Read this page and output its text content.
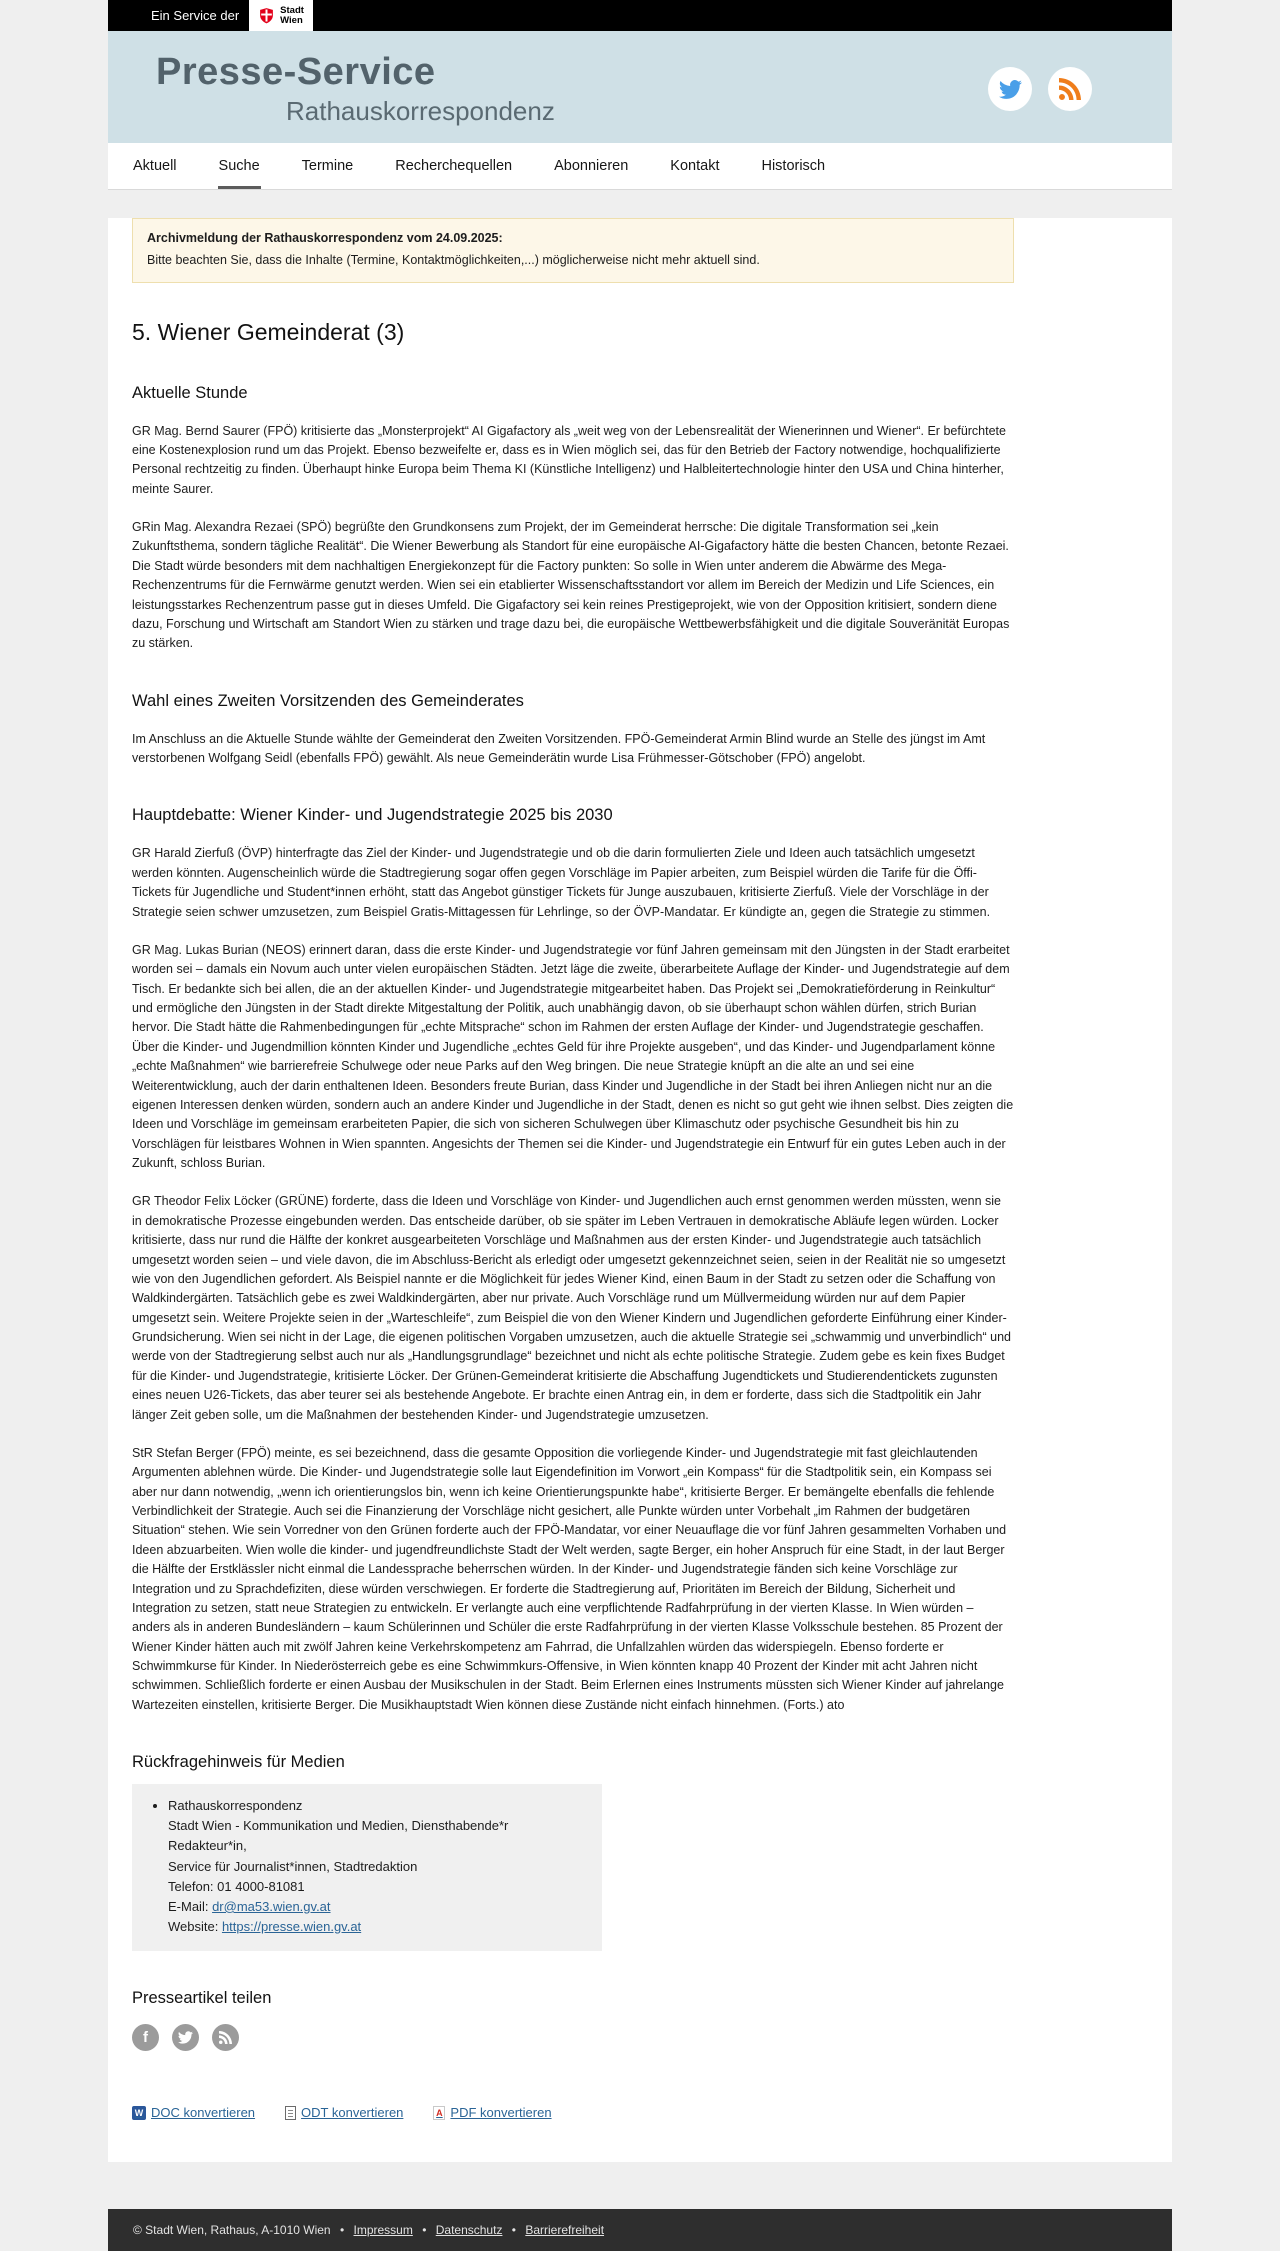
Ein Service der	Stadt
Wien
Presse-Service
Rathauskorrespondenz
Aktuell	Suche	Termine	Recherchequellen	Abonnieren	Kontakt	Historisch
Archivmeldung der Rathauskorrespondenz vom 24.09.2025:
Bitte beachten Sie, dass die Inhalte (Termine, Kontaktmöglichkeiten,...) möglicherweise nicht mehr aktuell sind.
5. Wiener Gemeinderat (3)
Aktuelle Stunde

GR Mag. Bernd Saurer (FPÖ) kritisierte das „Monsterprojekt“ AI Gigafactory als „weit weg von der Lebensrealität der Wienerinnen und Wiener“. Er befürchtete eine Kostenexplosion rund um das Projekt. Ebenso bezweifelte er, dass es in Wien möglich sei, das für den Betrieb der Factory notwendige, hochqualifizierte Personal rechtzeitig zu finden. Überhaupt hinke Europa beim Thema KI (Künstliche Intelligenz) und Halbleitertechnologie hinter den USA und China hinterher, meinte Saurer.

GRin Mag. Alexandra Rezaei (SPÖ) begrüßte den Grundkonsens zum Projekt, der im Gemeinderat herrsche: Die digitale Transformation sei „kein Zukunftsthema, sondern tägliche Realität“. Die Wiener Bewerbung als Standort für eine europäische AI-Gigafactory hätte die besten Chancen, betonte Rezaei. Die Stadt würde besonders mit dem nachhaltigen Energiekonzept für die Factory punkten: So solle in Wien unter anderem die Abwärme des Mega-Rechenzentrums für die Fernwärme genutzt werden. Wien sei ein etablierter Wissenschaftsstandort vor allem im Bereich der Medizin und Life Sciences, ein leistungsstarkes Rechenzentrum passe gut in dieses Umfeld. Die Gigafactory sei kein reines Prestigeprojekt, wie von der Opposition kritisiert, sondern diene dazu, Forschung und Wirtschaft am Standort Wien zu stärken und trage dazu bei, die europäische Wettbewerbsfähigkeit und die digitale Souveränität Europas zu stärken.

Wahl eines Zweiten Vorsitzenden des Gemeinderates

Im Anschluss an die Aktuelle Stunde wählte der Gemeinderat den Zweiten Vorsitzenden. FPÖ-Gemeinderat Armin Blind wurde an Stelle des jüngst im Amt verstorbenen Wolfgang Seidl (ebenfalls FPÖ) gewählt. Als neue Gemeinderätin wurde Lisa Frühmesser-Götschober (FPÖ) angelobt.

Hauptdebatte: Wiener Kinder- und Jugendstrategie 2025 bis 2030

GR Harald Zierfuß (ÖVP) hinterfragte das Ziel der Kinder- und Jugendstrategie und ob die darin formulierten Ziele und Ideen auch tatsächlich umgesetzt werden könnten. Augenscheinlich würde die Stadtregierung sogar offen gegen Vorschläge im Papier arbeiten, zum Beispiel würden die Tarife für die Öffi-Tickets für Jugendliche und Student*innen erhöht, statt das Angebot günstiger Tickets für Junge auszubauen, kritisierte Zierfuß. Viele der Vorschläge in der Strategie seien schwer umzusetzen, zum Beispiel Gratis-Mittagessen für Lehrlinge, so der ÖVP-Mandatar. Er kündigte an, gegen die Strategie zu stimmen.

GR Mag. Lukas Burian (NEOS) erinnert daran, dass die erste Kinder- und Jugendstrategie vor fünf Jahren gemeinsam mit den Jüngsten in der Stadt erarbeitet worden sei – damals ein Novum auch unter vielen europäischen Städten. Jetzt läge die zweite, überarbeitete Auflage der Kinder- und Jugendstrategie auf dem Tisch. Er bedankte sich bei allen, die an der aktuellen Kinder- und Jugendstrategie mitgearbeitet haben. Das Projekt sei „Demokratieförderung in Reinkultur“ und ermögliche den Jüngsten in der Stadt direkte Mitgestaltung der Politik, auch unabhängig davon, ob sie überhaupt schon wählen dürfen, strich Burian hervor. Die Stadt hätte die Rahmenbedingungen für „echte Mitsprache“ schon im Rahmen der ersten Auflage der Kinder- und Jugendstrategie geschaffen. Über die Kinder- und Jugendmillion könnten Kinder und Jugendliche „echtes Geld für ihre Projekte ausgeben“, und das Kinder- und Jugendparlament könne „echte Maßnahmen“ wie barrierefreie Schulwege oder neue Parks auf den Weg bringen. Die neue Strategie knüpft an die alte an und sei eine Weiterentwicklung, auch der darin enthaltenen Ideen. Besonders freute Burian, dass Kinder und Jugendliche in der Stadt bei ihren Anliegen nicht nur an die eigenen Interessen denken würden, sondern auch an andere Kinder und Jugendliche in der Stadt, denen es nicht so gut geht wie ihnen selbst. Dies zeigten die Ideen und Vorschläge im gemeinsam erarbeiteten Papier, die sich von sicheren Schulwegen über Klimaschutz oder psychische Gesundheit bis hin zu Vorschlägen für leistbares Wohnen in Wien spannten. Angesichts der Themen sei die Kinder- und Jugendstrategie ein Entwurf für ein gutes Leben auch in der Zukunft, schloss Burian.

GR Theodor Felix Löcker (GRÜNE) forderte, dass die Ideen und Vorschläge von Kinder- und Jugendlichen auch ernst genommen werden müssten, wenn sie in demokratische Prozesse eingebunden werden. Das entscheide darüber, ob sie später im Leben Vertrauen in demokratische Abläufe legen würden. Locker kritisierte, dass nur rund die Hälfte der konkret ausgearbeiteten Vorschläge und Maßnahmen aus der ersten Kinder- und Jugendstrategie auch tatsächlich umgesetzt worden seien – und viele davon, die im Abschluss-Bericht als erledigt oder umgesetzt gekennzeichnet seien, seien in der Realität nie so umgesetzt wie von den Jugendlichen gefordert. Als Beispiel nannte er die Möglichkeit für jedes Wiener Kind, einen Baum in der Stadt zu setzen oder die Schaffung von Waldkindergärten. Tatsächlich gebe es zwei Waldkindergärten, aber nur private. Auch Vorschläge rund um Müllvermeidung würden nur auf dem Papier umgesetzt sein. Weitere Projekte seien in der „Warteschleife“, zum Beispiel die von den Wiener Kindern und Jugendlichen geforderte Einführung einer Kinder-Grundsicherung. Wien sei nicht in der Lage, die eigenen politischen Vorgaben umzusetzen, auch die aktuelle Strategie sei „schwammig und unverbindlich“ und werde von der Stadtregierung selbst auch nur als „Handlungsgrundlage“ bezeichnet und nicht als echte politische Strategie. Zudem gebe es kein fixes Budget für die Kinder- und Jugendstrategie, kritisierte Löcker. Der Grünen-Gemeinderat kritisierte die Abschaffung Jugendtickets und Studierendentickets zugunsten eines neuen U26-Tickets, das aber teurer sei als bestehende Angebote. Er brachte einen Antrag ein, in dem er forderte, dass sich die Stadtpolitik ein Jahr länger Zeit geben solle, um die Maßnahmen der bestehenden Kinder- und Jugendstrategie umzusetzen.

StR Stefan Berger (FPÖ) meinte, es sei bezeichnend, dass die gesamte Opposition die vorliegende Kinder- und Jugendstrategie mit fast gleichlautenden Argumenten ablehnen würde. Die Kinder- und Jugendstrategie solle laut Eigendefinition im Vorwort „ein Kompass“ für die Stadtpolitik sein, ein Kompass sei aber nur dann notwendig, „wenn ich orientierungslos bin, wenn ich keine Orientierungspunkte habe“, kritisierte Berger. Er bemängelte ebenfalls die fehlende Verbindlichkeit der Strategie. Auch sei die Finanzierung der Vorschläge nicht gesichert, alle Punkte würden unter Vorbehalt „im Rahmen der budgetären Situation“ stehen. Wie sein Vorredner von den Grünen forderte auch der FPÖ-Mandatar, vor einer Neuauflage die vor fünf Jahren gesammelten Vorhaben und Ideen abzuarbeiten. Wien wolle die kinder- und jugendfreundlichste Stadt der Welt werden, sagte Berger, ein hoher Anspruch für eine Stadt, in der laut Berger die Hälfte der Erstklässler nicht einmal die Landessprache beherrschen würden. In der Kinder- und Jugendstrategie fänden sich keine Vorschläge zur Integration und zu Sprachdefiziten, diese würden verschwiegen. Er forderte die Stadtregierung auf, Prioritäten im Bereich der Bildung, Sicherheit und Integration zu setzen, statt neue Strategien zu entwickeln. Er verlangte auch eine verpflichtende Radfahrprüfung in der vierten Klasse. In Wien würden – anders als in anderen Bundesländern – kaum Schülerinnen und Schüler die erste Radfahrprüfung in der vierten Klasse Volksschule bestehen. 85 Prozent der Wiener Kinder hätten auch mit zwölf Jahren keine Verkehrskompetenz am Fahrrad, die Unfallzahlen würden das widerspiegeln. Ebenso forderte er Schwimmkurse für Kinder. In Niederösterreich gebe es eine Schwimmkurs-Offensive, in Wien könnten knapp 40 Prozent der Kinder mit acht Jahren nicht schwimmen. Schließlich forderte er einen Ausbau der Musikschulen in der Stadt. Beim Erlernen eines Instruments müssten sich Wiener Kinder auf jahrelange Wartezeiten einstellen, kritisierte Berger. Die Musikhauptstadt Wien können diese Zustände nicht einfach hinnehmen. (Forts.) ato

Rückfragehinweis für Medien
• Rathauskorrespondenz
Stadt Wien - Kommunikation und Medien, Diensthabende*r Redakteur*in,
Service für Journalist*innen, Stadtredaktion
Telefon: 01 4000-81081
E-Mail: dr@ma53.wien.gv.at
Website: https://presse.wien.gv.at
Presseartikel teilen
f
W DOC konvertieren	ODT konvertieren	A PDF konvertieren
© Stadt Wien, Rathaus, A-1010 Wien • Impressum • Datenschutz • Barrierefreiheit
